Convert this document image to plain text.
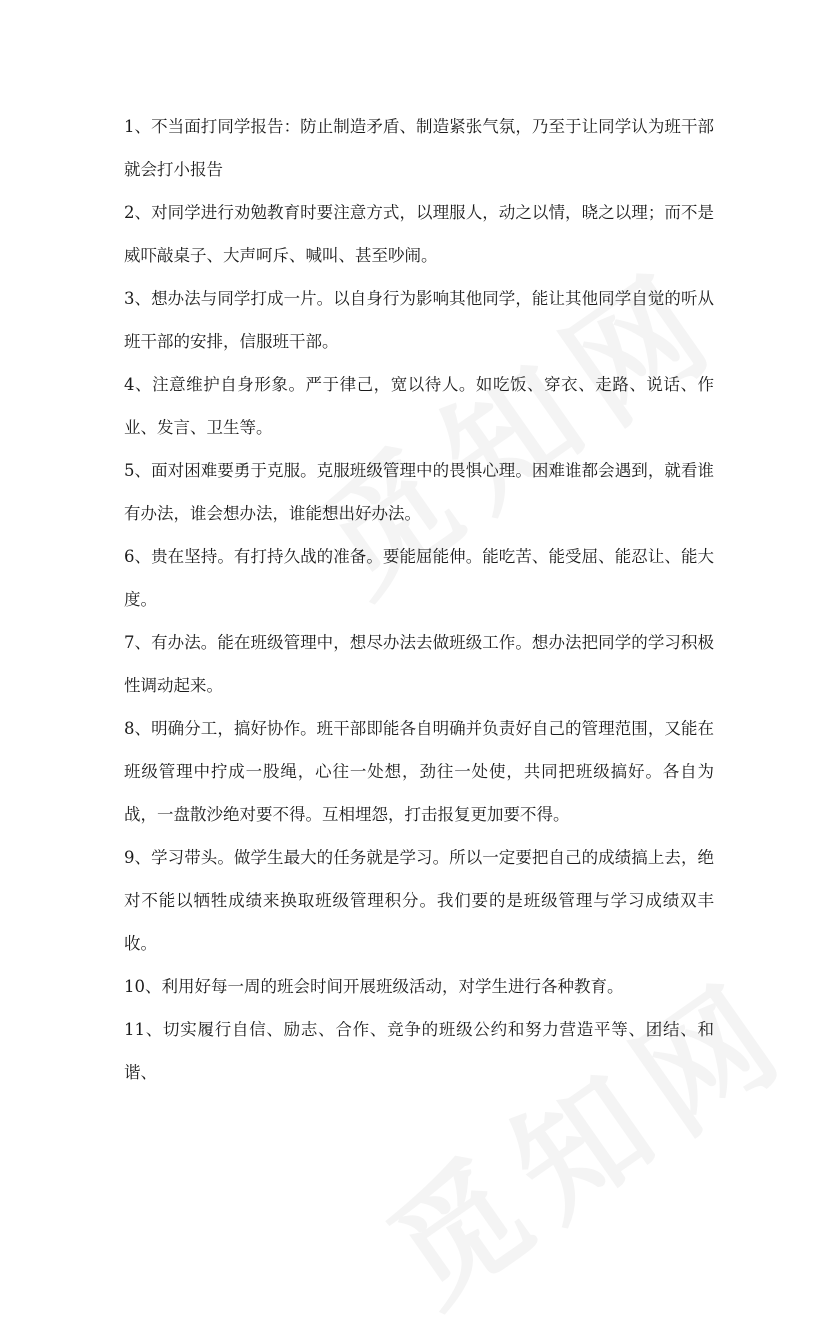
1、不当面打同学报告：防止制造矛盾、制造紧张气氛，乃至于让同学认为班干部就会打小报告

2、对同学进行劝勉教育时要注意方式，以理服人，动之以情，晓之以理；而不是威吓敲桌子、大声呵斥、喊叫、甚至吵闹。

3、想办法与同学打成一片。以自身行为影响其他同学，能让其他同学自觉的听从班干部的安排，信服班干部。

4、注意维护自身形象。严于律己，宽以待人。如吃饭、穿衣、走路、说话、作业、发言、卫生等。

5、面对困难要勇于克服。克服班级管理中的畏惧心理。困难谁都会遇到，就看谁有办法，谁会想办法，谁能想出好办法。

6、贵在坚持。有打持久战的准备。要能屈能伸。能吃苦、能受屈、能忍让、能大度。

7、有办法。能在班级管理中，想尽办法去做班级工作。想办法把同学的学习积极性调动起来。

8、明确分工，搞好协作。班干部即能各自明确并负责好自己的管理范围，又能在班级管理中拧成一股绳，心往一处想，劲往一处使，共同把班级搞好。各自为战，一盘散沙绝对要不得。互相埋怨，打击报复更加要不得。

9、学习带头。做学生最大的任务就是学习。所以一定要把自己的成绩搞上去，绝对不能以牺牲成绩来换取班级管理积分。我们要的是班级管理与学习成绩双丰收。

10、利用好每一周的班会时间开展班级活动，对学生进行各种教育。

11、切实履行自信、励志、合作、竞争的班级公约和努力营造平等、团结、和谐、
